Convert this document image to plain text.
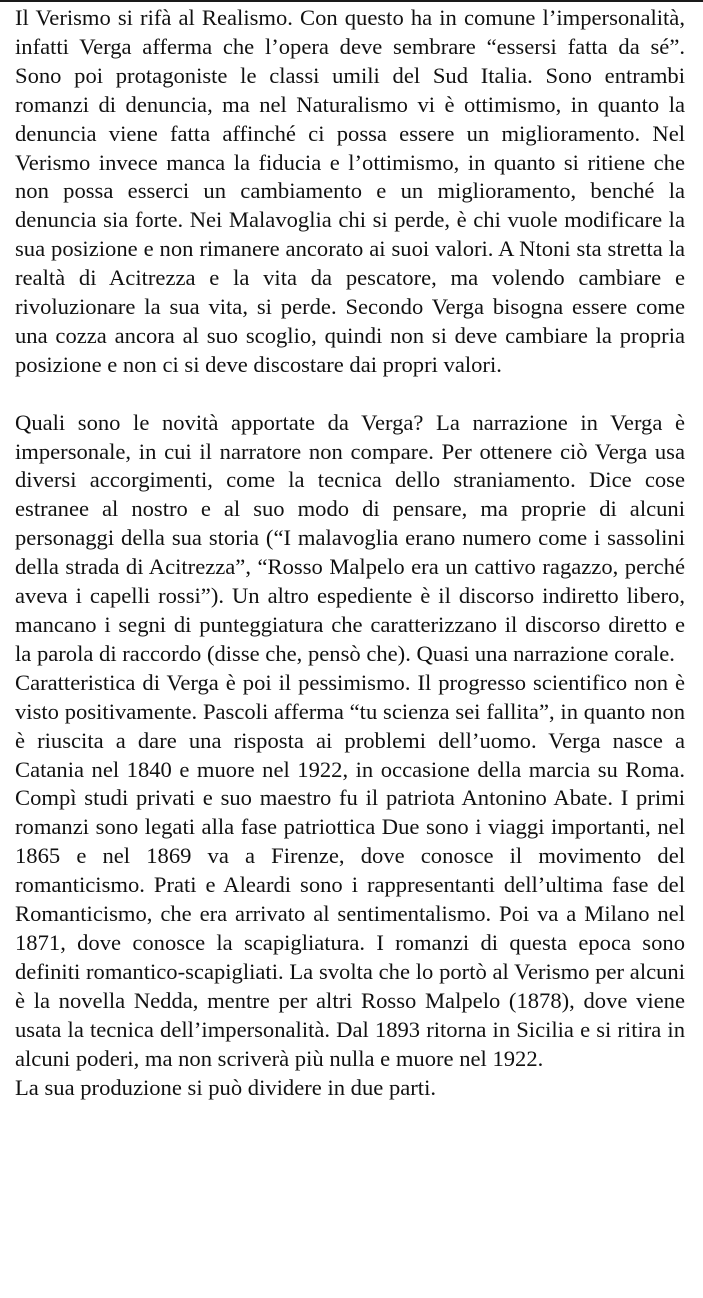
Il Verismo si rifà al Realismo. Con questo ha in comune l’impersonalità, infatti Verga afferma che l’opera deve sembrare “essersi fatta da sé”. Sono poi protagoniste le classi umili del Sud Italia. Sono entrambi romanzi di denuncia, ma nel Naturalismo vi è ottimismo, in quanto la denuncia viene fatta affinché ci possa essere un miglioramento. Nel Verismo invece manca la fiducia e l’ottimismo, in quanto si ritiene che non possa esserci un cambiamento e un miglioramento, benché la denuncia sia forte. Nei Malavoglia chi si perde, è chi vuole modificare la sua posizione e non rimanere ancorato ai suoi valori. A Ntoni sta stretta la realtà di Acitrezza e la vita da pescatore, ma volendo cambiare e rivoluzionare la sua vita, si perde. Secondo Verga bisogna essere come una cozza ancora al suo scoglio, quindi non si deve cambiare la propria posizione e non ci si deve discostare dai propri valori.

Quali sono le novità apportate da Verga? La narrazione in Verga è impersonale, in cui il narratore non compare. Per ottenere ciò Verga usa diversi accorgimenti, come la tecnica dello straniamento. Dice cose estranee al nostro e al suo modo di pensare, ma proprie di alcuni personaggi della sua storia (“I malavoglia erano numero come i sassolini della strada di Acitrezza”, “Rosso Malpelo era un cattivo ragazzo, perché aveva i capelli rossi”). Un altro espediente è il discorso indiretto libero, mancano i segni di punteggiatura che caratterizzano il discorso diretto e la parola di raccordo (disse che, pensò che). Quasi una narrazione corale.

Caratteristica di Verga è poi il pessimismo. Il progresso scientifico non è visto positivamente. Pascoli afferma “tu scienza sei fallita”, in quanto non è riuscita a dare una risposta ai problemi dell’uomo. Verga nasce a Catania nel 1840 e muore nel 1922, in occasione della marcia su Roma. Compì studi privati e suo maestro fu il patriota Antonino Abate. I primi romanzi sono legati alla fase patriottica Due sono i viaggi importanti, nel 1865 e nel 1869 va a Firenze, dove conosce il movimento del romanticismo. Prati e Aleardi sono i rappresentanti dell’ultima fase del Romanticismo, che era arrivato al sentimentalismo. Poi va a Milano nel 1871, dove conosce la scapigliatura. I romanzi di questa epoca sono definiti romantico-scapigliati. La svolta che lo portò al Verismo per alcuni è la novella Nedda, mentre per altri Rosso Malpelo (1878), dove viene usata la tecnica dell’impersonalità. Dal 1893 ritorna in Sicilia e si ritira in alcuni poderi, ma non scriverà più nulla e muore nel 1922.

La sua produzione si può dividere in due parti.
